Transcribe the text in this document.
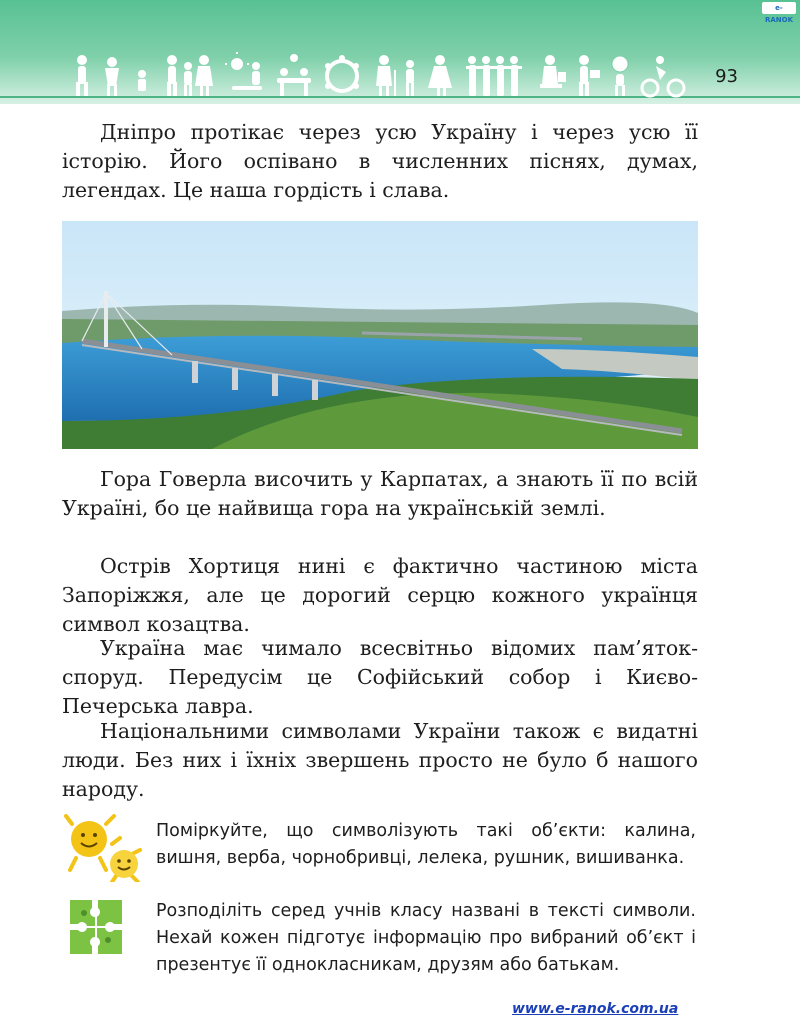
e-RANOK
93

Дніпро протікає через усю Україну і через усю її історію. Його оспівано в численних піснях, думах, легендах. Це наша гордість і слава.

Гора Говерла височить у Карпатах, а знають її по всій Україні, бо це найвища гора на українській землі.

Острів Хортиця нині є фактично частиною міста Запоріжжя, але це дорогий серцю кожного українця символ козацтва.

Україна має чимало всесвітньо відомих пам’яток-споруд. Передусім це Софійський собор і Києво-Печерська лавра.

Національними символами України також є видатні люди. Без них і їхніх звершень просто не було б нашого народу.

Поміркуйте, що символізують такі об’єкти: калина, вишня, верба, чорнобривці, лелека, рушник, вишиванка.

Розподіліть серед учнів класу названі в тексті символи. Нехай кожен підготує інформацію про вибраний об’єкт і презентує її однокласникам, друзям або батькам.

www.e-ranok.com.ua
